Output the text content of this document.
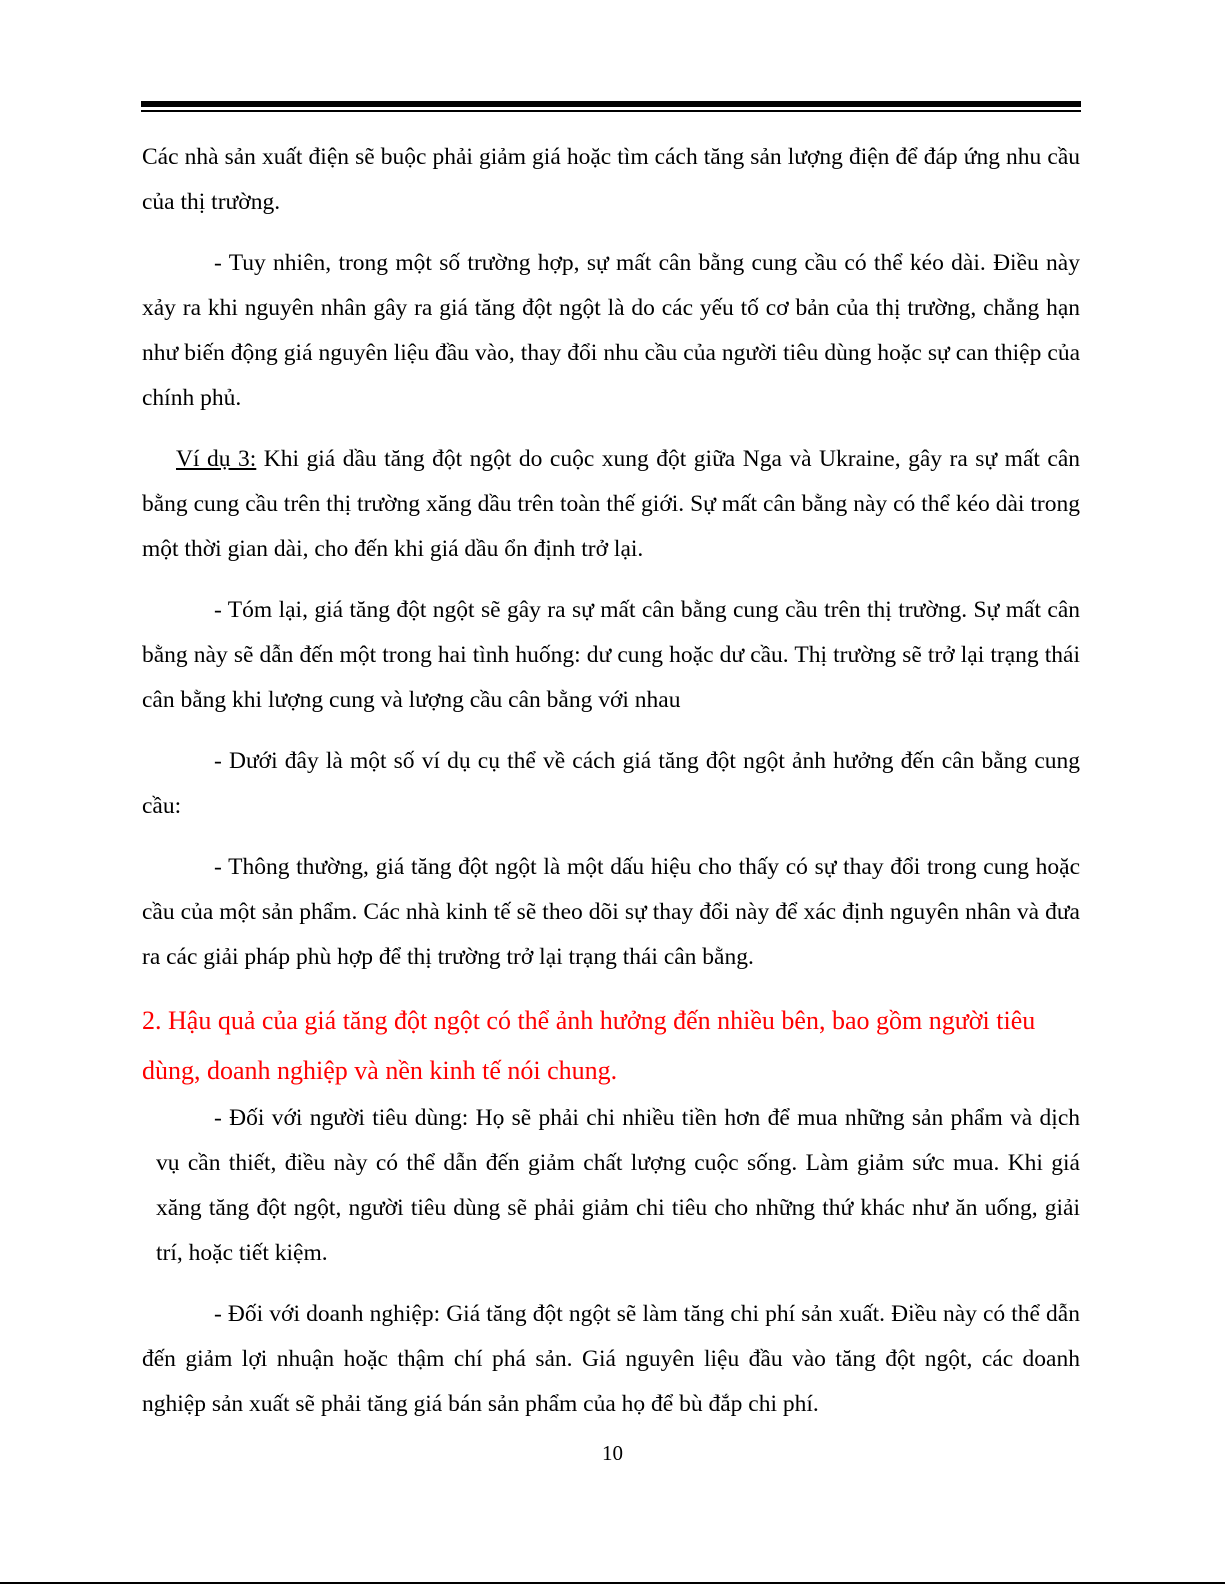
Các nhà sản xuất điện sẽ buộc phải giảm giá hoặc tìm cách tăng sản lượng điện để đáp ứng nhu cầu của thị trường.

- Tuy nhiên, trong một số trường hợp, sự mất cân bằng cung cầu có thể kéo dài. Điều này xảy ra khi nguyên nhân gây ra giá tăng đột ngột là do các yếu tố cơ bản của thị trường, chẳng hạn như biến động giá nguyên liệu đầu vào, thay đổi nhu cầu của người tiêu dùng hoặc sự can thiệp của chính phủ.

Ví dụ 3: Khi giá dầu tăng đột ngột do cuộc xung đột giữa Nga và Ukraine, gây ra sự mất cân bằng cung cầu trên thị trường xăng dầu trên toàn thế giới. Sự mất cân bằng này có thể kéo dài trong một thời gian dài, cho đến khi giá dầu ổn định trở lại.

- Tóm lại, giá tăng đột ngột sẽ gây ra sự mất cân bằng cung cầu trên thị trường. Sự mất cân bằng này sẽ dẫn đến một trong hai tình huống: dư cung hoặc dư cầu. Thị trường sẽ trở lại trạng thái cân bằng khi lượng cung và lượng cầu cân bằng với nhau

- Dưới đây là một số ví dụ cụ thể về cách giá tăng đột ngột ảnh hưởng đến cân bằng cung cầu:

- Thông thường, giá tăng đột ngột là một dấu hiệu cho thấy có sự thay đổi trong cung hoặc cầu của một sản phẩm. Các nhà kinh tế sẽ theo dõi sự thay đổi này để xác định nguyên nhân và đưa ra các giải pháp phù hợp để thị trường trở lại trạng thái cân bằng.

2. Hậu quả của giá tăng đột ngột có thể ảnh hưởng đến nhiều bên, bao gồm người tiêu dùng, doanh nghiệp và nền kinh tế nói chung.

- Đối với người tiêu dùng: Họ sẽ phải chi nhiều tiền hơn để mua những sản phẩm và dịch vụ cần thiết, điều này có thể dẫn đến giảm chất lượng cuộc sống. Làm giảm sức mua. Khi giá xăng tăng đột ngột, người tiêu dùng sẽ phải giảm chi tiêu cho những thứ khác như ăn uống, giải trí, hoặc tiết kiệm.

- Đối với doanh nghiệp: Giá tăng đột ngột sẽ làm tăng chi phí sản xuất. Điều này có thể dẫn đến giảm lợi nhuận hoặc thậm chí phá sản. Giá nguyên liệu đầu vào tăng đột ngột, các doanh nghiệp sản xuất sẽ phải tăng giá bán sản phẩm của họ để bù đắp chi phí.

10
